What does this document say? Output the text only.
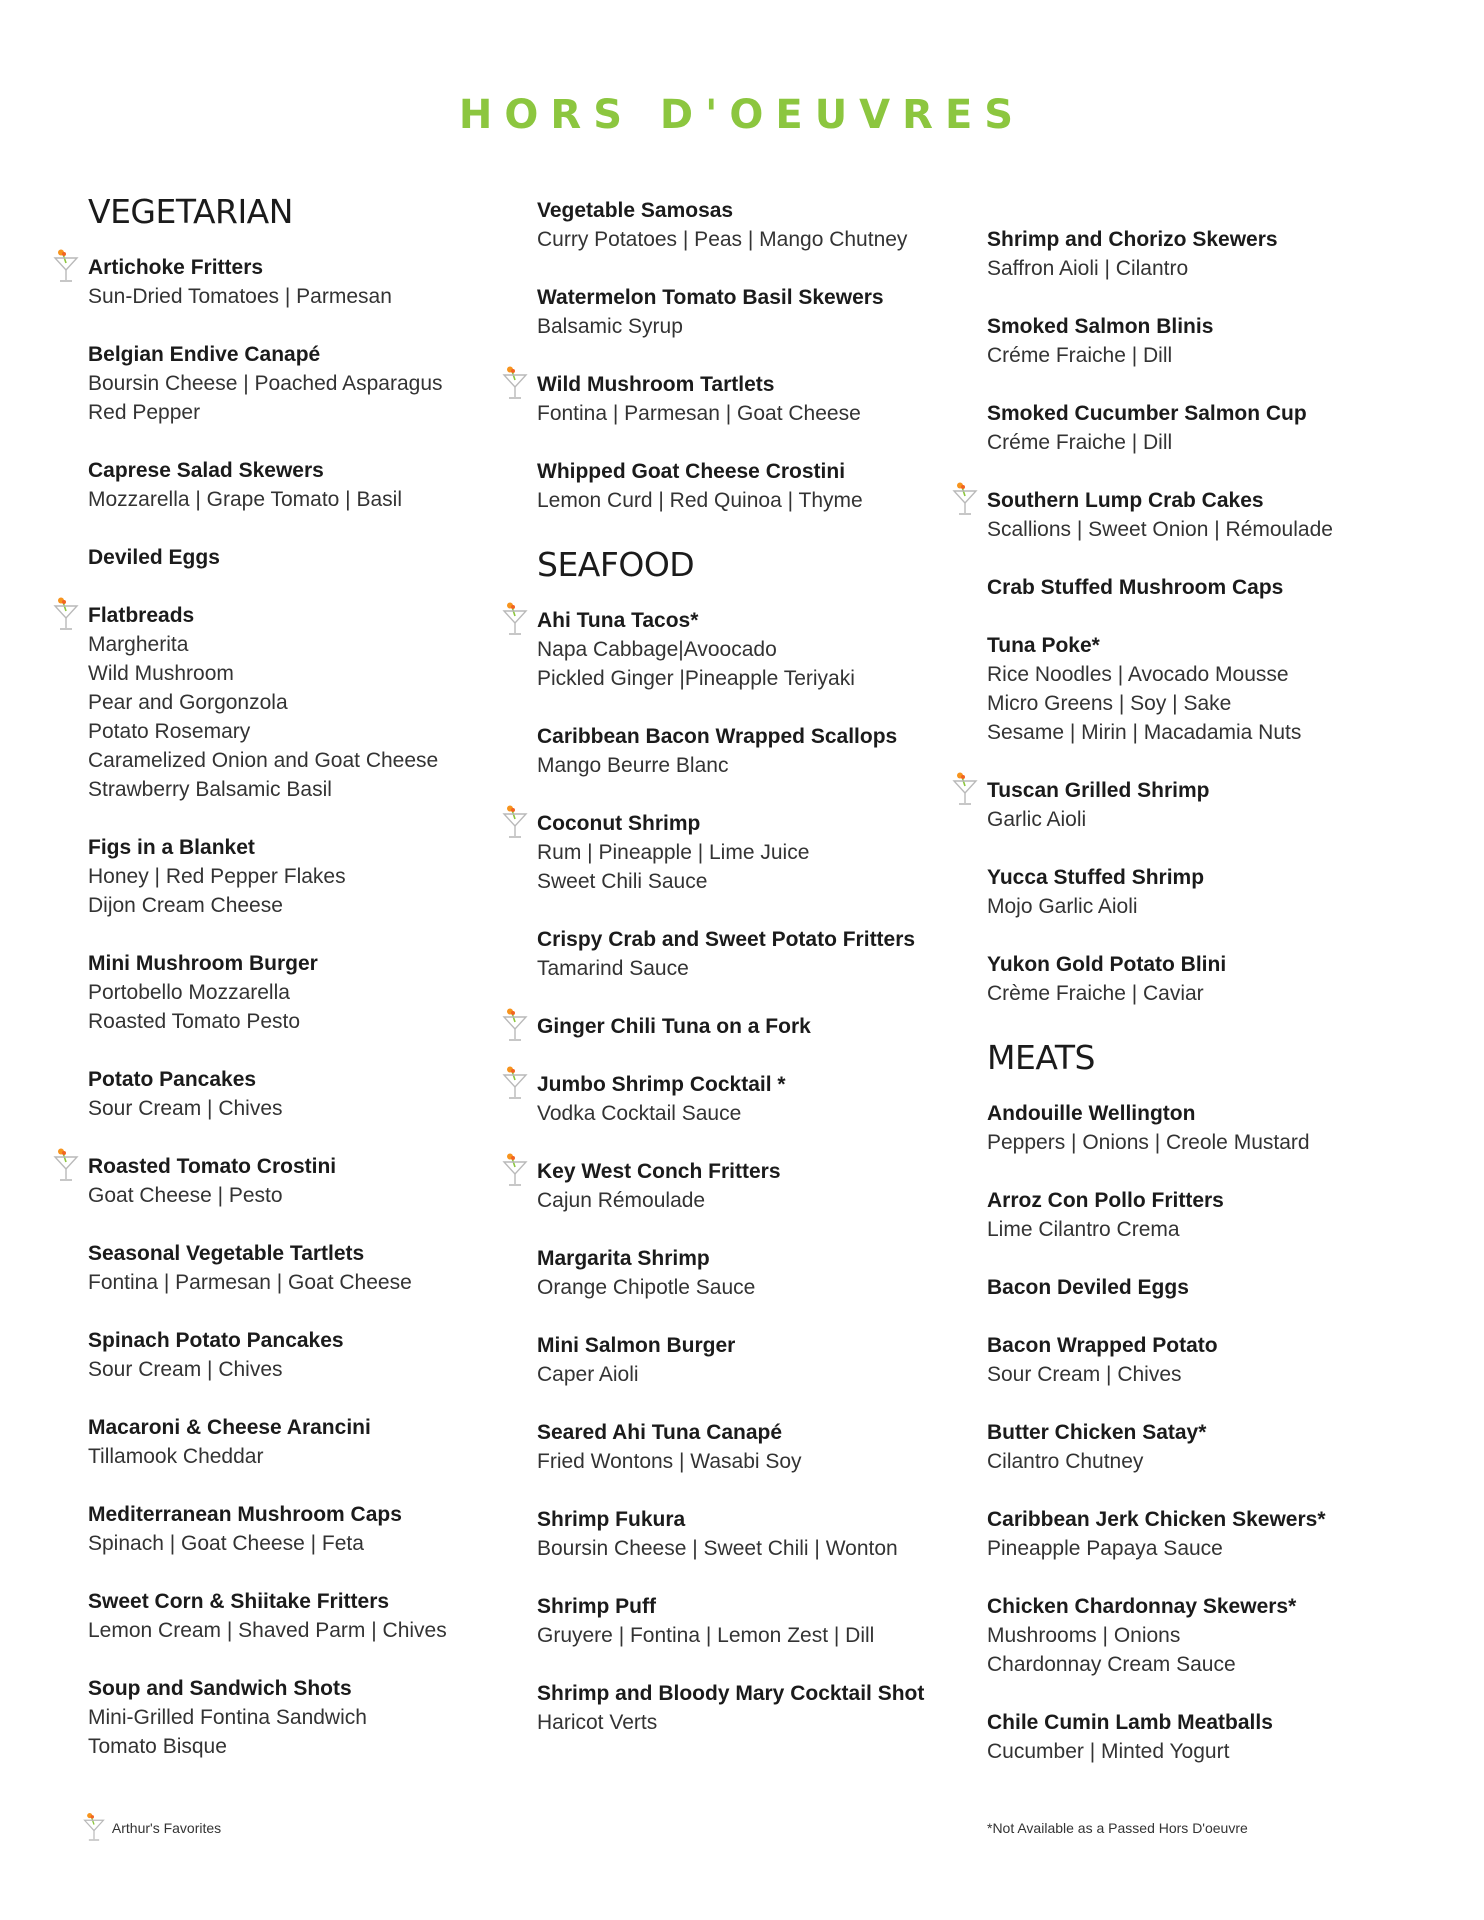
HORS D'OEUVRES
VEGETARIAN
Artichoke Fritters
Sun-Dried Tomatoes | Parmesan
Belgian Endive Canapé
Boursin Cheese | Poached Asparagus
Red Pepper
Caprese Salad Skewers
Mozzarella | Grape Tomato | Basil
Deviled Eggs
Flatbreads
Margherita
Wild Mushroom
Pear and Gorgonzola
Potato Rosemary
Caramelized Onion and Goat Cheese
Strawberry Balsamic Basil
Figs in a Blanket
Honey | Red Pepper Flakes
Dijon Cream Cheese
Mini Mushroom Burger
Portobello Mozzarella
Roasted Tomato Pesto
Potato Pancakes
Sour Cream | Chives
Roasted Tomato Crostini
Goat Cheese | Pesto
Seasonal Vegetable Tartlets
Fontina | Parmesan | Goat Cheese
Spinach Potato Pancakes
Sour Cream | Chives
Macaroni & Cheese Arancini
Tillamook Cheddar
Mediterranean Mushroom Caps
Spinach | Goat Cheese | Feta
Sweet Corn & Shiitake Fritters
Lemon Cream | Shaved Parm | Chives
Soup and Sandwich Shots
Mini-Grilled Fontina Sandwich
Tomato Bisque
Vegetable Samosas
Curry Potatoes | Peas | Mango Chutney
Watermelon Tomato Basil Skewers
Balsamic Syrup
Wild Mushroom Tartlets
Fontina | Parmesan | Goat Cheese
Whipped Goat Cheese Crostini
Lemon Curd | Red Quinoa | Thyme
SEAFOOD
Ahi Tuna Tacos*
Napa Cabbage|Avoocado
Pickled Ginger |Pineapple Teriyaki
Caribbean Bacon Wrapped Scallops
Mango Beurre Blanc
Coconut Shrimp
Rum | Pineapple | Lime Juice
Sweet Chili Sauce
Crispy Crab and Sweet Potato Fritters
Tamarind Sauce
Ginger Chili Tuna on a Fork
Jumbo Shrimp Cocktail *
Vodka Cocktail Sauce
Key West Conch Fritters
Cajun Rémoulade
Margarita Shrimp
Orange Chipotle Sauce
Mini Salmon Burger
Caper Aioli
Seared Ahi Tuna Canapé
Fried Wontons | Wasabi Soy
Shrimp Fukura
Boursin Cheese | Sweet Chili | Wonton
Shrimp Puff
Gruyere | Fontina | Lemon Zest | Dill
Shrimp and Bloody Mary Cocktail Shot
Haricot Verts
Shrimp and Chorizo Skewers
Saffron Aioli | Cilantro
Smoked Salmon Blinis
Créme Fraiche | Dill
Smoked Cucumber Salmon Cup
Créme Fraiche | Dill
Southern Lump Crab Cakes
Scallions | Sweet Onion | Rémoulade
Crab Stuffed Mushroom Caps
Tuna Poke*
Rice Noodles | Avocado Mousse
Micro Greens | Soy | Sake
Sesame | Mirin | Macadamia Nuts
Tuscan Grilled Shrimp
Garlic Aioli
Yucca Stuffed Shrimp
Mojo Garlic Aioli
Yukon Gold Potato Blini
Crème Fraiche | Caviar
MEATS
Andouille Wellington
Peppers | Onions | Creole Mustard
Arroz Con Pollo Fritters
Lime Cilantro Crema
Bacon Deviled Eggs
Bacon Wrapped Potato
Sour Cream | Chives
Butter Chicken Satay*
Cilantro Chutney
Caribbean Jerk Chicken Skewers*
Pineapple Papaya Sauce
Chicken Chardonnay Skewers*
Mushrooms | Onions
Chardonnay Cream Sauce
Chile Cumin Lamb Meatballs
Cucumber | Minted Yogurt
Arthur's Favorites	*Not Available as a Passed Hors D'oeuvre
